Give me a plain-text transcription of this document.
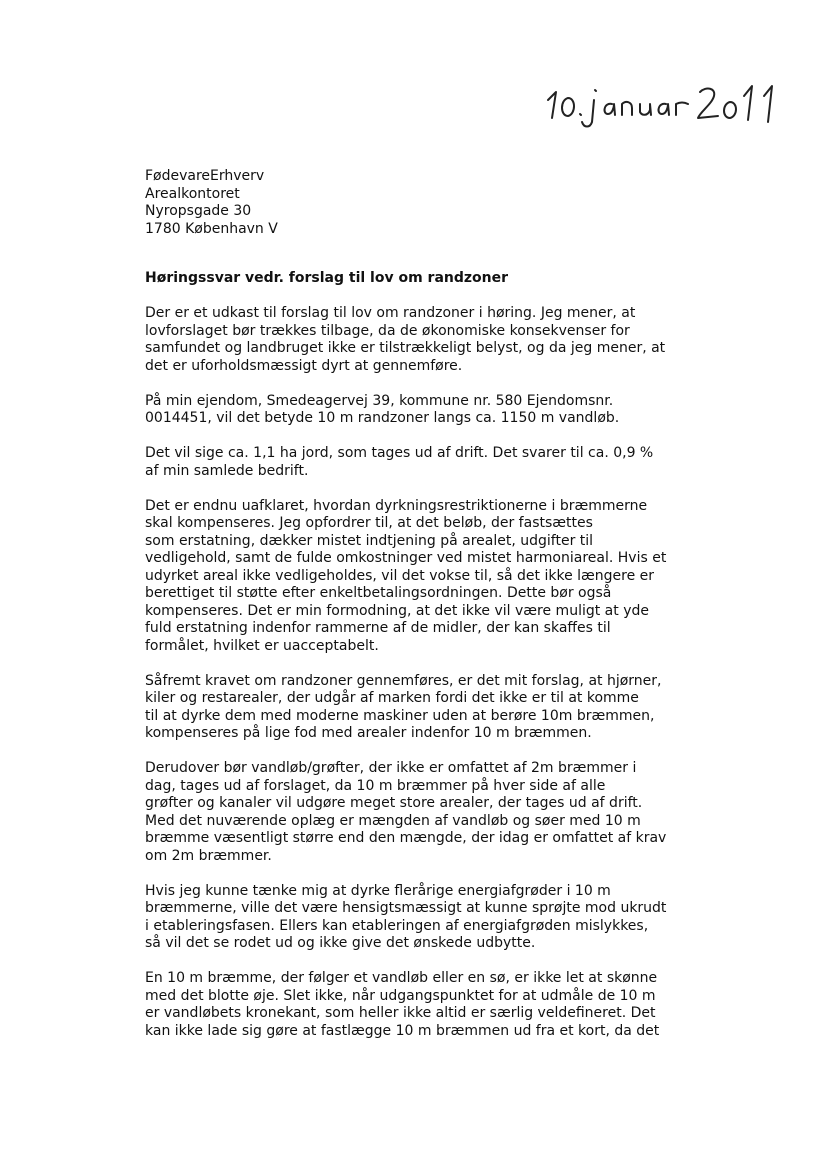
FødevareErhverv
Arealkontoret
Nyropsgade 30
1780 København V
Høringssvar vedr. forslag til lov om randzoner
Der er et udkast til forslag til lov om randzoner i høring. Jeg mener, at
lovforslaget bør trækkes tilbage, da de økonomiske konsekvenser for
samfundet og landbruget ikke er tilstrækkeligt belyst, og da jeg mener, at
det er uforholdsmæssigt dyrt at gennemføre.
På min ejendom, Smedeagervej 39, kommune nr. 580 Ejendomsnr.
0014451, vil det betyde 10 m randzoner langs ca. 1150 m vandløb.
Det vil sige ca. 1,1 ha jord, som tages ud af drift. Det svarer til ca. 0,9 %
af min samlede bedrift.
Det er endnu uafklaret, hvordan dyrkningsrestriktionerne i bræmmerne
skal kompenseres. Jeg opfordrer til, at det beløb, der fastsættes
som erstatning, dækker mistet indtjening på arealet, udgifter til
vedligehold, samt de fulde omkostninger ved mistet harmoniareal. Hvis et
udyrket areal ikke vedligeholdes, vil det vokse til, så det ikke længere er
berettiget til støtte efter enkeltbetalingsordningen. Dette bør også
kompenseres. Det er min formodning, at det ikke vil være muligt at yde
fuld erstatning indenfor rammerne af de midler, der kan skaffes til
formålet, hvilket er uacceptabelt.
Såfremt kravet om randzoner gennemføres, er det mit forslag, at hjørner,
kiler og restarealer, der udgår af marken fordi det ikke er til at komme
til at dyrke dem med moderne maskiner uden at berøre 10m bræmmen,
kompenseres på lige fod med arealer indenfor 10 m bræmmen.
Derudover bør vandløb/grøfter, der ikke er omfattet af 2m bræmmer i
dag, tages ud af forslaget, da 10 m bræmmer på hver side af alle
grøfter og kanaler vil udgøre meget store arealer, der tages ud af drift.
Med det nuværende oplæg er mængden af vandløb og søer med 10 m
bræmme væsentligt større end den mængde, der idag er omfattet af krav
om 2m bræmmer.
Hvis jeg kunne tænke mig at dyrke flerårige energiafgrøder i 10 m
bræmmerne, ville det være hensigtsmæssigt at kunne sprøjte mod ukrudt
i etableringsfasen. Ellers kan etableringen af energiafgrøden mislykkes,
så vil det se rodet ud og ikke give det ønskede udbytte.
En 10 m bræmme, der følger et vandløb eller en sø, er ikke let at skønne
med det blotte øje. Slet ikke, når udgangspunktet for at udmåle de 10 m
er vandløbets kronekant, som heller ikke altid er særlig veldefineret. Det
kan ikke lade sig gøre at fastlægge 10 m bræmmen ud fra et kort, da det
